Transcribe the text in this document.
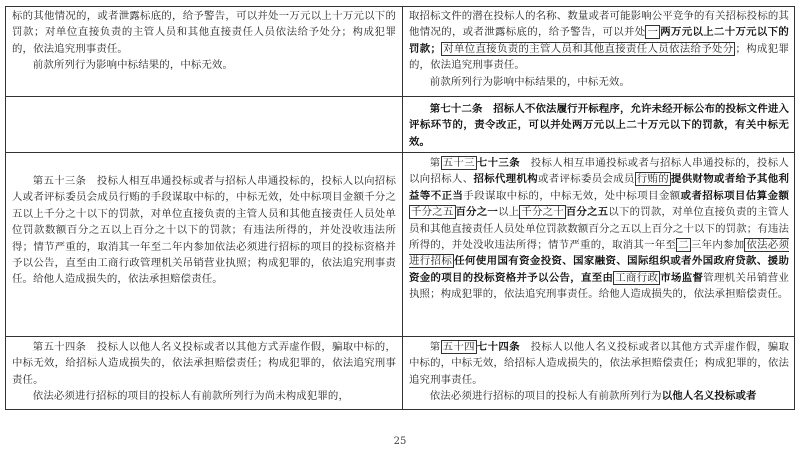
标的其他情况的，或者泄露标底的，给予警告，可以并处一万元以上十万元以下的罚款；对单位直接负责的主管人员和其他直接责任人员依法给予处分；构成犯罪的，依法追究刑事责任。

前款所列行为影响中标结果的，中标无效。

取招标文件的潜在投标人的名称、数量或者可能影响公平竞争的有关招标投标的其他情况的，或者泄露标底的，给予警告，可以并处 一 两万元以上二十万元以下的罚款； 对单位直接负责的主管人员和其他直接责任人员依法给予处分 ；构成犯罪的，依法追究刑事责任。

前款所列行为影响中标结果的，中标无效。

第七十二条　招标人不依法履行开标程序，允许未经开标公布的投标文件进入评标环节的，责令改正，可以并处两万元以上二十万元以下的罚款，有关中标无效。

第五十三条　投标人相互串通投标或者与招标人串通投标的，投标人以向招标人或者评标委员会成员行贿的手段谋取中标的，中标无效，处中标项目金额千分之五以上千分之十以下的罚款，对单位直接负责的主管人员和其他直接责任人员处单位罚款数额百分之五以上百分之十以下的罚款；有违法所得的，并处没收违法所得；情节严重的，取消其一年至二年内参加依法必须进行招标的项目的投标资格并予以公告，直至由工商行政管理机关吊销营业执照；构成犯罪的，依法追究刑事责任。给他人造成损失的，依法承担赔偿责任。

第 五十三 七十三条　投标人相互串通投标或者与招标人串通投标的，投标人以向招标人、招标代理机构或者评标委员会成员 行贿的 提供财物或者给予其他利益等不正当手段谋取中标的，中标无效，处中标项目金额或者招标项目估算金额千分之五 百分之一以上 千分之十 百分之五以下的罚款，对单位直接负责的主管人员和其他直接责任人员处单位罚款数额百分之五以上百分之十以下的罚款；有违法所得的，并处没收违法所得；情节严重的，取消其一年至 二 三年内参加 依法必须进行招标 任何使用国有资金投资、国家融资、国际组织或者外国政府贷款、援助资金的项目的投标资格并予以公告，直至由 工商行政 市场监督管理机关吊销营业执照；构成犯罪的，依法追究刑事责任。给他人造成损失的，依法承担赔偿责任。

第五十四条　投标人以他人名义投标或者以其他方式弄虚作假，骗取中标的，中标无效，给招标人造成损失的，依法承担赔偿责任；构成犯罪的，依法追究刑事责任。

依法必须进行招标的项目的投标人有前款所列行为尚未构成犯罪的，

第 五十四 七十四条　投标人以他人名义投标或者以其他方式弄虚作假，骗取中标的，中标无效，给招标人造成损失的，依法承担赔偿责任；构成犯罪的，依法追究刑事责任。

依法必须进行招标的项目的投标人有前款所列行为以他人名义投标或者

25
